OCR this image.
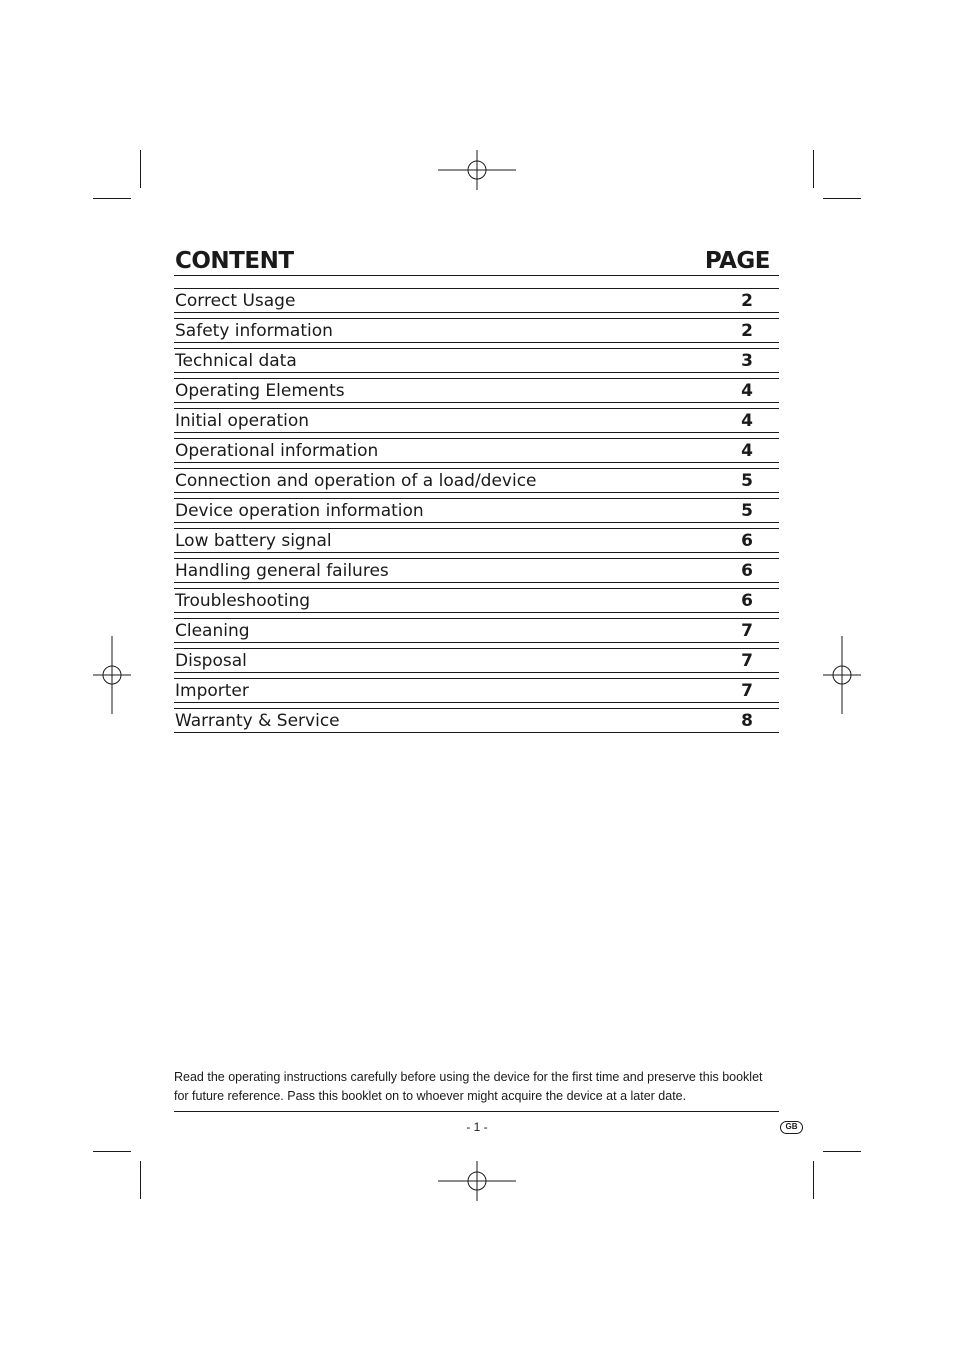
CONTENT	PAGE
Correct Usage	2
Safety information	2
Technical data	3
Operating Elements	4
Initial operation	4
Operational information	4
Connection and operation of a load/device	5
Device operation information	5
Low battery signal	6
Handling general failures	6
Troubleshooting	6
Cleaning	7
Disposal	7
Importer	7
Warranty & Service	8
Read the operating instructions carefully before using the device for the first time and preserve this booklet for future reference. Pass this booklet on to whoever might acquire the device at a later date.
- 1 -	GB
